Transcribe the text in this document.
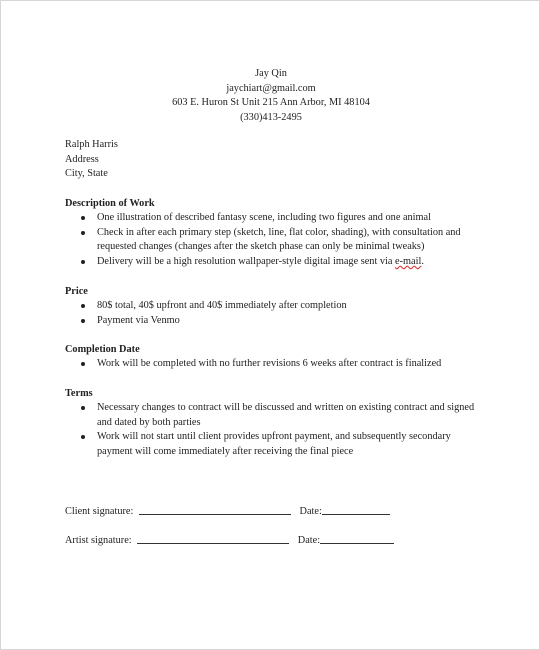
Jay Qin
jaychiart@gmail.com
603 E. Huron St Unit 215 Ann Arbor, MI 48104
(330)413-2495
Ralph Harris
Address
City, State
Description of Work
One illustration of described fantasy scene, including two figures and one animal
Check in after each primary step (sketch, line, flat color, shading), with consultation and requested changes (changes after the sketch phase can only be minimal tweaks)
Delivery will be a high resolution wallpaper-style digital image sent via e-mail.
Price
80$ total, 40$ upfront and 40$ immediately after completion
Payment via Venmo
Completion Date
Work will be completed with no further revisions 6 weeks after contract is finalized
Terms
Necessary changes to contract will be discussed and written on existing contract and signed and dated by both parties
Work will not start until client provides upfront payment, and subsequently secondary payment will come immediately after receiving the final piece
Client signature:	Date:
Artist signature:	Date:
